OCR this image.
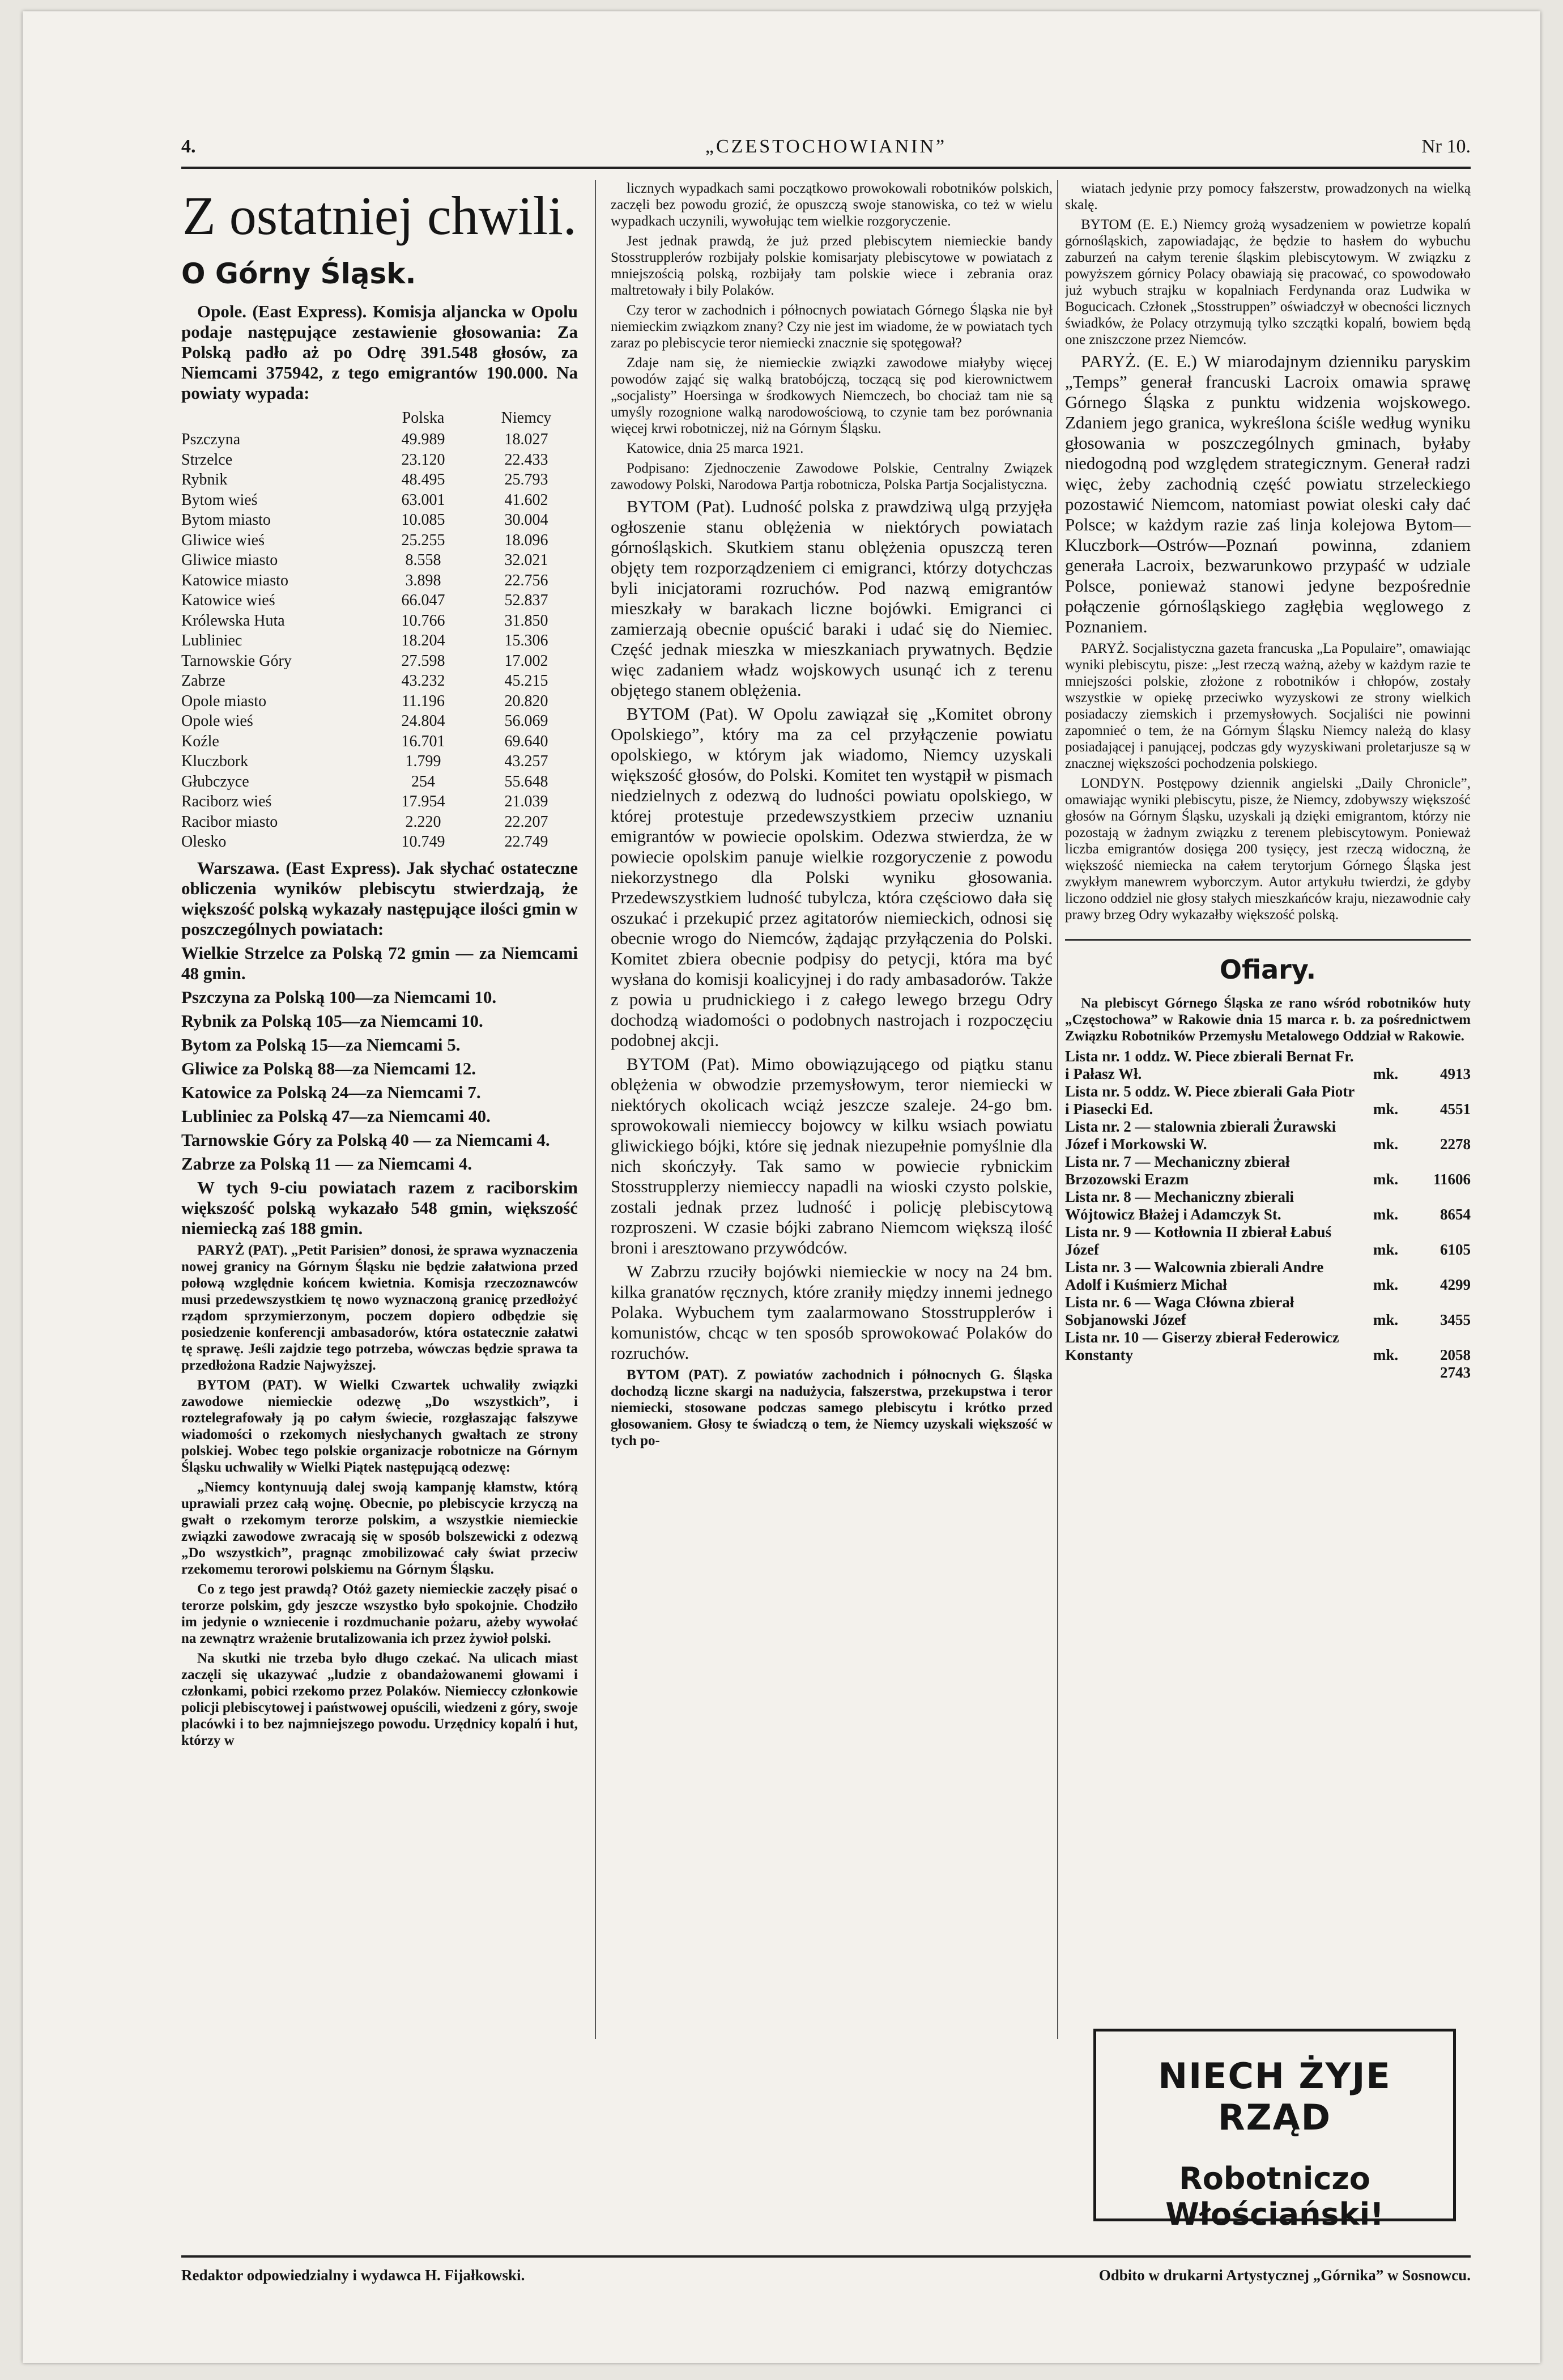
4.	„CZESTOCHOWIANIN”	Nr 10.
Z ostatniej chwili.
O Górny Śląsk.

Opole. (East Express). Komisja aljancka w Opolu podaje następujące zestawienie głosowania: Za Polską padło aż po Odrę 391.548 głosów, za Niemcami 375942, z tego emigrantów 190.000. Na powiaty wypada:

	Polska	Niemcy
Pszczyna	49.989	18.027
Strzelce	23.120	22.433
Rybnik	48.495	25.793
Bytom wieś	63.001	41.602
Bytom miasto	10.085	30.004
Gliwice wieś	25.255	18.096
Gliwice miasto	8.558	32.021
Katowice miasto	3.898	22.756
Katowice wieś	66.047	52.837
Królewska Huta	10.766	31.850
Lubliniec	18.204	15.306
Tarnowskie Góry	27.598	17.002
Zabrze	43.232	45.215
Opole miasto	11.196	20.820
Opole wieś	24.804	56.069
Koźle	16.701	69.640
Kluczbork	1.799	43.257
Głubczyce	254	55.648
Raciborz wieś	17.954	21.039
Racibor miasto	2.220	22.207
Olesko	10.749	22.749

Warszawa. (East Express). Jak słychać ostateczne obliczenia wyników plebiscytu stwierdzają, że większość polską wykazały następujące ilości gmin w poszczególnych powiatach:

Wielkie Strzelce za Polską 72 gmin — za Niemcami 48 gmin.

Pszczyna za Polską 100—za Niemcami 10.

Rybnik za Polską 105—za Niemcami 10.

Bytom za Polską 15—za Niemcami 5.

Gliwice za Polską 88—za Niemcami 12.

Katowice za Polską 24—za Niemcami 7.

Lubliniec za Polską 47—za Niemcami 40.

Tarnowskie Góry za Polską 40 — za Niemcami 4.

Zabrze za Polską 11 — za Niemcami 4.

W tych 9-ciu powiatach razem z raciborskim większość polską wykazało 548 gmin, większość niemiecką zaś 188 gmin.

PARYŻ (PAT). „Petit Parisien” donosi, że sprawa wyznaczenia nowej granicy na Górnym Śląsku nie będzie załatwiona przed połową względnie końcem kwietnia. Komisja rzeczoznawców musi przedewszystkiem tę nowo wyznaczoną granicę przedłożyć rządom sprzymierzonym, poczem dopiero odbędzie się posiedzenie konferencji ambasadorów, która ostatecznie załatwi tę sprawę. Jeśli zajdzie tego potrzeba, wówczas będzie sprawa ta przedłożona Radzie Najwyższej.

BYTOM (PAT). W Wielki Czwartek uchwaliły związki zawodowe niemieckie odezwę „Do wszystkich”, i roztelegrafowały ją po całym świecie, rozgłaszając fałszywe wiadomości o rzekomych niesłychanych gwałtach ze strony polskiej. Wobec tego polskie organizacje robotnicze na Górnym Śląsku uchwaliły w Wielki Piątek następującą odezwę:

„Niemcy kontynuują dalej swoją kampanję kłamstw, którą uprawiali przez całą wojnę. Obecnie, po plebiscycie krzyczą na gwałt o rzekomym terorze polskim, a wszystkie niemieckie związki zawodowe zwracają się w sposób bolszewicki z odezwą „Do wszystkich”, pragnąc zmobilizować cały świat przeciw rzekomemu terorowi polskiemu na Górnym Śląsku.

Co z tego jest prawdą? Otóż gazety niemieckie zaczęły pisać o terorze polskim, gdy jeszcze wszystko było spokojnie. Chodziło im jedynie o wzniecenie i rozdmuchanie pożaru, ażeby wywołać na zewnątrz wrażenie brutalizowania ich przez żywioł polski.

Na skutki nie trzeba było długo czekać. Na ulicach miast zaczęli się ukazywać „ludzie z obandażowanemi głowami i członkami, pobici rzekomo przez Polaków. Niemieccy członkowie policji plebiscytowej i państwowej opuścili, wiedzeni z góry, swoje placówki i to bez najmniejszego powodu. Urzędnicy kopalń i hut, którzy w

licznych wypadkach sami początkowo prowokowali robotników polskich, zaczęli bez powodu grozić, że opuszczą swoje stanowiska, co też w wielu wypadkach uczynili, wywołując tem wielkie rozgoryczenie.

Jest jednak prawdą, że już przed plebiscytem niemieckie bandy Stosstrupplerów rozbijały polskie komisarjaty plebiscytowe w powiatach z mniejszością polską, rozbijały tam polskie wiece i zebrania oraz maltretowały i bily Polaków.

Czy teror w zachodnich i północnych powiatach Górnego Śląska nie był niemieckim związkom znany? Czy nie jest im wiadome, że w powiatach tych zaraz po plebiscycie teror niemiecki znacznie się spotęgował?

Zdaje nam się, że niemieckie związki zawodowe miałyby więcej powodów zająć się walką bratobójczą, toczącą się pod kierownictwem „socjalisty” Hoersinga w środkowych Niemczech, bo chociaż tam nie są umyśly rozognione walką narodowościową, to czynie tam bez porównania więcej krwi robotniczej, niż na Górnym Śląsku.

Katowice, dnia 25 marca 1921.

Podpisano: Zjednoczenie Zawodowe Polskie, Centralny Związek zawodowy Polski, Narodowa Partja robotnicza, Polska Partja Socjalistyczna.

BYTOM (Pat). Ludność polska z prawdziwą ulgą przyjęła ogłoszenie stanu oblężenia w niektórych powiatach górnośląskich. Skutkiem stanu oblężenia opuszczą teren objęty tem rozporządzeniem ci emigranci, którzy dotychczas byli inicjatorami rozruchów. Pod nazwą emigrantów mieszkały w barakach liczne bojówki. Emigranci ci zamierzają obecnie opuścić baraki i udać się do Niemiec. Część jednak mieszka w mieszkaniach prywatnych. Będzie więc zadaniem władz wojskowych usunąć ich z terenu objętego stanem oblężenia.

BYTOM (Pat). W Opolu zawiązał się „Komitet obrony Opolskiego”, który ma za cel przyłączenie powiatu opolskiego, w którym jak wiadomo, Niemcy uzyskali większość głosów, do Polski. Komitet ten wystąpił w pismach niedzielnych z odezwą do ludności powiatu opolskiego, w której protestuje przedewszystkiem przeciw uznaniu emigrantów w powiecie opolskim. Odezwa stwierdza, że w powiecie opolskim panuje wielkie rozgoryczenie z powodu niekorzystnego dla Polski wyniku głosowania. Przedewszystkiem ludność tubylcza, która częściowo dała się oszukać i przekupić przez agitatorów niemieckich, odnosi się obecnie wrogo do Niemców, żądając przyłączenia do Polski. Komitet zbiera obecnie podpisy do petycji, która ma być wysłana do komisji koalicyjnej i do rady ambasadorów. Także z powia u prudnickiego i z całego lewego brzegu Odry dochodzą wiadomości o podobnych nastrojach i rozpoczęciu podobnej akcji.

BYTOM (Pat). Mimo obowiązującego od piątku stanu oblężenia w obwodzie przemysłowym, teror niemiecki w niektórych okolicach wciąż jeszcze szaleje. 24-go bm. sprowokowali niemieccy bojowcy w kilku wsiach powiatu gliwickiego bójki, które się jednak niezupełnie pomyślnie dla nich skończyły. Tak samo w powiecie rybnickim Stosstrupplerzy niemieccy napadli na wioski czysto polskie, zostali jednak przez ludność i policję plebiscytową rozproszeni. W czasie bójki zabrano Niemcom większą ilość broni i aresztowano przywódców.

W Zabrzu rzuciły bojówki niemieckie w nocy na 24 bm. kilka granatów ręcznych, które zraniły między innemi jednego Polaka. Wybuchem tym zaalarmowano Stosstrupplerów i komunistów, chcąc w ten sposób sprowokować Polaków do rozruchów.

BYTOM (PAT). Z powiatów zachodnich i północnych G. Śląska dochodzą liczne skargi na nadużycia, fałszerstwa, przekupstwa i teror niemiecki, stosowane podczas samego plebiscytu i krótko przed głosowaniem. Głosy te świadczą o tem, że Niemcy uzyskali większość w tych po-

wiatach jedynie przy pomocy fałszerstw, prowadzonych na wielką skalę.

BYTOM (E. E.) Niemcy grożą wysadzeniem w powietrze kopalń górnośląskich, zapowiadając, że będzie to hasłem do wybuchu zaburzeń na całym terenie śląskim plebiscytowym. W związku z powyższem górnicy Polacy obawiają się pracować, co spowodowało już wybuch strajku w kopalniach Ferdynanda oraz Ludwika w Bogucicach. Członek „Stosstruppen” oświadczył w obecności licznych świadków, że Polacy otrzymują tylko szczątki kopalń, bowiem będą one zniszczone przez Niemców.

PARYŻ. (E. E.) W miarodajnym dzienniku paryskim „Temps” generał francuski Lacroix omawia sprawę Górnego Śląska z punktu widzenia wojskowego. Zdaniem jego granica, wykreślona ściśle według wyniku głosowania w poszczególnych gminach, byłaby niedogodną pod względem strategicznym. Generał radzi więc, żeby zachodnią część powiatu strzeleckiego pozostawić Niemcom, natomiast powiat oleski cały dać Polsce; w każdym razie zaś linja kolejowa Bytom—Kluczbork—Ostrów—Poznań powinna, zdaniem generała Lacroix, bezwarunkowo przypaść w udziale Polsce, ponieważ stanowi jedyne bezpośrednie połączenie górnośląskiego zagłębia węglowego z Poznaniem.

PARYŻ. Socjalistyczna gazeta francuska „La Populaire”, omawiając wyniki plebiscytu, pisze: „Jest rzeczą ważną, ażeby w każdym razie te mniejszości polskie, złożone z robotników i chłopów, zostały wszystkie w opiekę przeciwko wyzyskowi ze strony wielkich posiadaczy ziemskich i przemysłowych. Socjaliści nie powinni zapomnieć o tem, że na Górnym Śląsku Niemcy należą do klasy posiadającej i panującej, podczas gdy wyzyskiwani proletarjusze są w znacznej większości pochodzenia polskiego.

LONDYN. Postępowy dziennik angielski „Daily Chronicle”, omawiając wyniki plebiscytu, pisze, że Niemcy, zdobywszy większość głosów na Górnym Śląsku, uzyskali ją dzięki emigrantom, którzy nie pozostają w żadnym związku z terenem plebiscytowym. Ponieważ liczba emigrantów dosięga 200 tysięcy, jest rzeczą widoczną, że większość niemiecka na całem terytorjum Górnego Śląska jest zwykłym manewrem wyborczym. Autor artykułu twierdzi, że gdyby liczono oddziel nie głosy stałych mieszkańców kraju, niezawodnie cały prawy brzeg Odry wykazałby większość polską.

Ofiary.

Na plebiscyt Górnego Śląska ze rano wśród robotników huty „Częstochowa” w Rakowie dnia 15 marca r. b. za pośrednictwem Związku Robotników Przemysłu Metalowego Oddział w Rakowie.

Lista nr. 1 oddz. W. Piece zbierali Bernat Fr. i Pałasz Wł.	mk.	4913
Lista nr. 5 oddz. W. Piece zbierali Gała Piotr i Piasecki Ed.	mk.	4551
Lista nr. 2 — stalownia zbierali Żurawski Józef i Morkowski W.	mk.	2278
Lista nr. 7 — Mechaniczny zbierał Brzozowski Erazm	mk.	11606
Lista nr. 8 — Mechaniczny zbierali Wójtowicz Błażej i Adamczyk St.	mk.	8654
Lista nr. 9 — Kotłownia II zbierał Łabuś Józef	mk.	6105
Lista nr. 3 — Walcownia zbierali Andre Adolf i Kuśmierz Michał	mk.	4299
Lista nr. 6 — Waga Cłówna zbierał Sobjanowski Józef	mk.	3455
Lista nr. 10 — Giserzy zbierał Federowicz Konstanty	mk.	2058
2743
NIECH ŻYJE RZĄD
Robotniczo Włościański!
Redaktor odpowiedzialny i wydawca H. Fijałkowski.	Odbito w drukarni Artystycznej „Górnika” w Sosnowcu.
